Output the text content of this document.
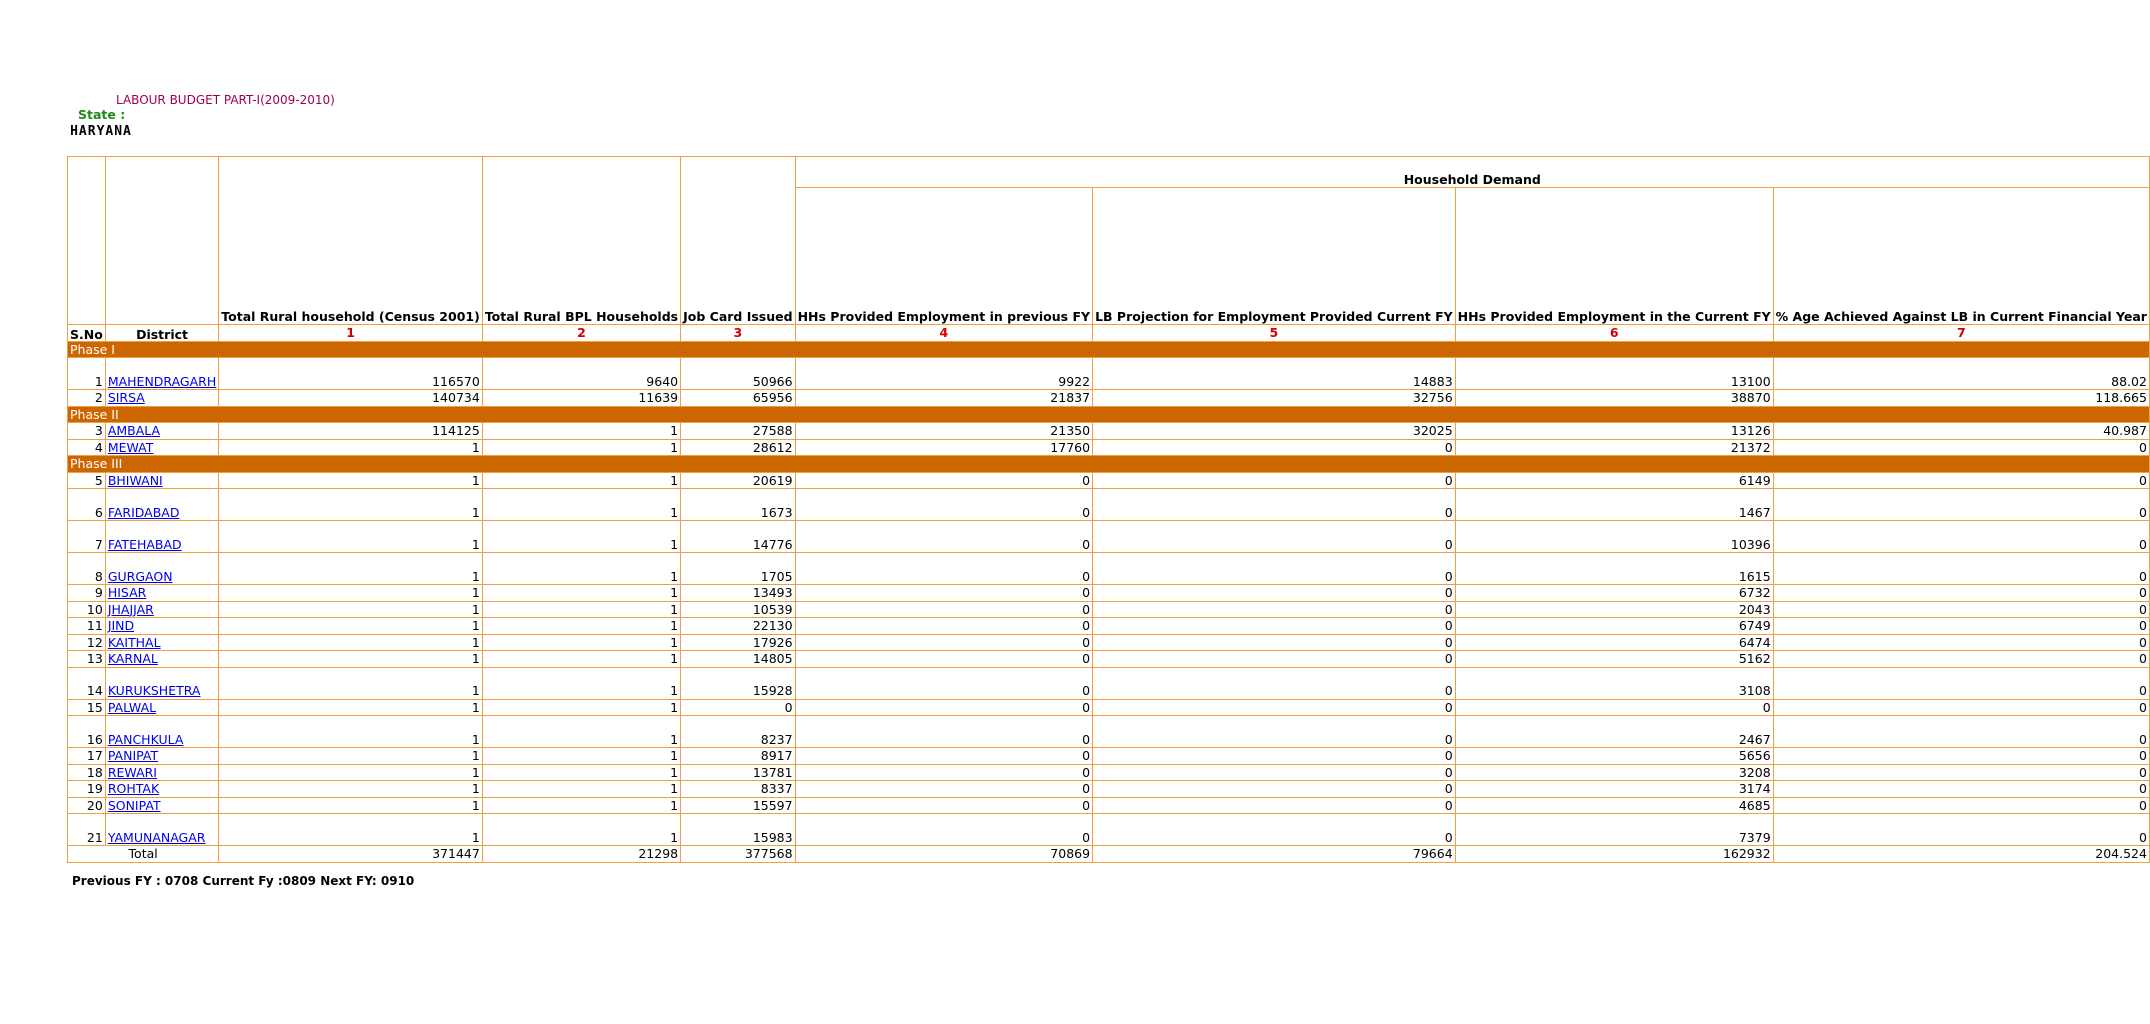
LABOUR BUDGET PART-I(2009-2010)
State :
HARYANA
		Total Rural household (Census 2001)	Total Rural BPL Households	Job Card Issued	Household Demand			
					HHs Provided Employment in previous FY	LB Projection for Employment Provided Current FY	HHs Provided Employment in the Current FY	% Age Achieved Against LB in Current Financial Year
S.No	District	1	2	3	4	5	6	7
Phase I								
1	MAHENDRAGARH	116570	9640	50966	9922	14883	13100	88.02
2	SIRSA	140734	11639	65956	21837	32756	38870	118.665
Phase II								
3	AMBALA	114125	1	27588	21350	32025	13126	40.987
4	MEWAT	1	1	28612	17760	0	21372	0
Phase III								
5	BHIWANI	1	1	20619	0	0	6149	0
6	FARIDABAD	1	1	1673	0	0	1467	0
7	FATEHABAD	1	1	14776	0	0	10396	0
8	GURGAON	1	1	1705	0	0	1615	0
9	HISAR	1	1	13493	0	0	6732	0
10	JHAJJAR	1	1	10539	0	0	2043	0
11	JIND	1	1	22130	0	0	6749	0
12	KAITHAL	1	1	17926	0	0	6474	0
13	KARNAL	1	1	14805	0	0	5162	0
14	KURUKSHETRA	1	1	15928	0	0	3108	0
15	PALWAL	1	1	0	0	0	0	0
16	PANCHKULA	1	1	8237	0	0	2467	0
17	PANIPAT	1	1	8917	0	0	5656	0
18	REWARI	1	1	13781	0	0	3208	0
19	ROHTAK	1	1	8337	0	0	3174	0
20	SONIPAT	1	1	15597	0	0	4685	0
21	YAMUNANAGAR	1	1	15983	0	0	7379	0
Total		371447	21298	377568	70869	79664	162932	204.524
Previous FY : 0708 Current Fy :0809 Next FY: 0910
